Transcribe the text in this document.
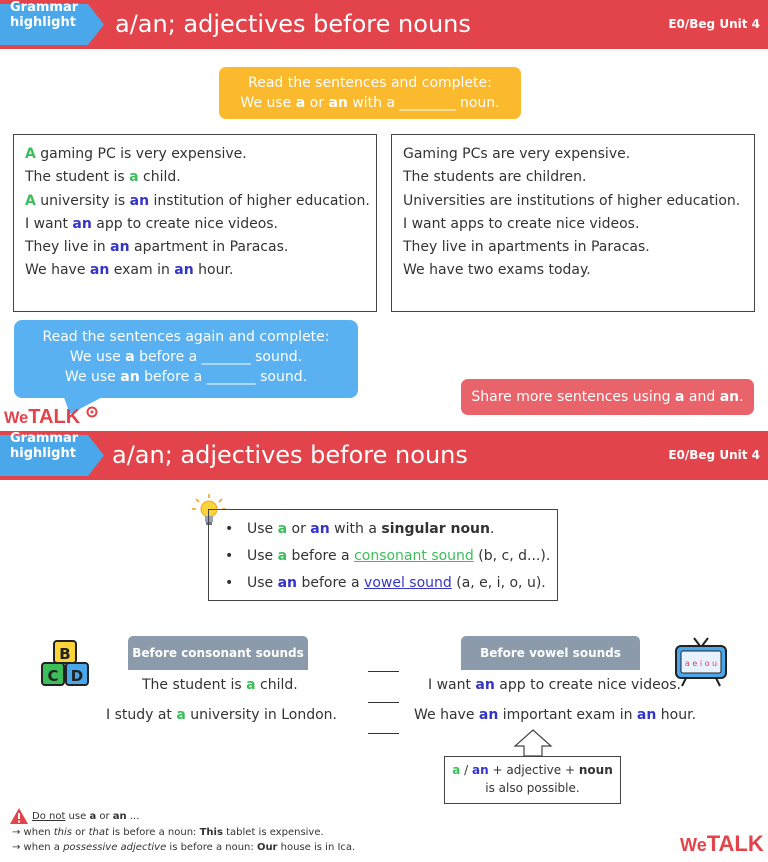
Grammar highlight	a/an; adjectives before nouns	E0/Beg Unit 4
Read the sentences and complete:
We use a or an with a ________ noun.
A gaming PC is very expensive.
The student is a child.
A university is an institution of higher education.
I want an app to create nice videos.
They live in an apartment in Paracas.
We have an exam in an hour.
Gaming PCs are very expensive.
The students are children.
Universities are institutions of higher education.
I want apps to create nice videos.
They live in apartments in Paracas.
We have two exams today.
Read the sentences again and complete:
We use a before a _______ sound.
We use an before a _______ sound.
Share more sentences using a and an.
WeTALK
Grammar highlight	a/an; adjectives before nouns	E0/Beg Unit 4
• Use a or an with a singular noun.
• Use a before a consonant sound (b, c, d...).
• Use an before a vowel sound (a, e, i, o, u).
B
C D
Before consonant sounds	Before vowel sounds
a e i o u
The student is a child.
I study at a university in London.
I want an app to create nice videos.
We have an important exam in an hour.
a / an + adjective + noun
is also possible.
Do not use a or an ...
→ when this or that is before a noun: This tablet is expensive.
→ when a possessive adjective is before a noun: Our house is in Ica.	WeTALK
